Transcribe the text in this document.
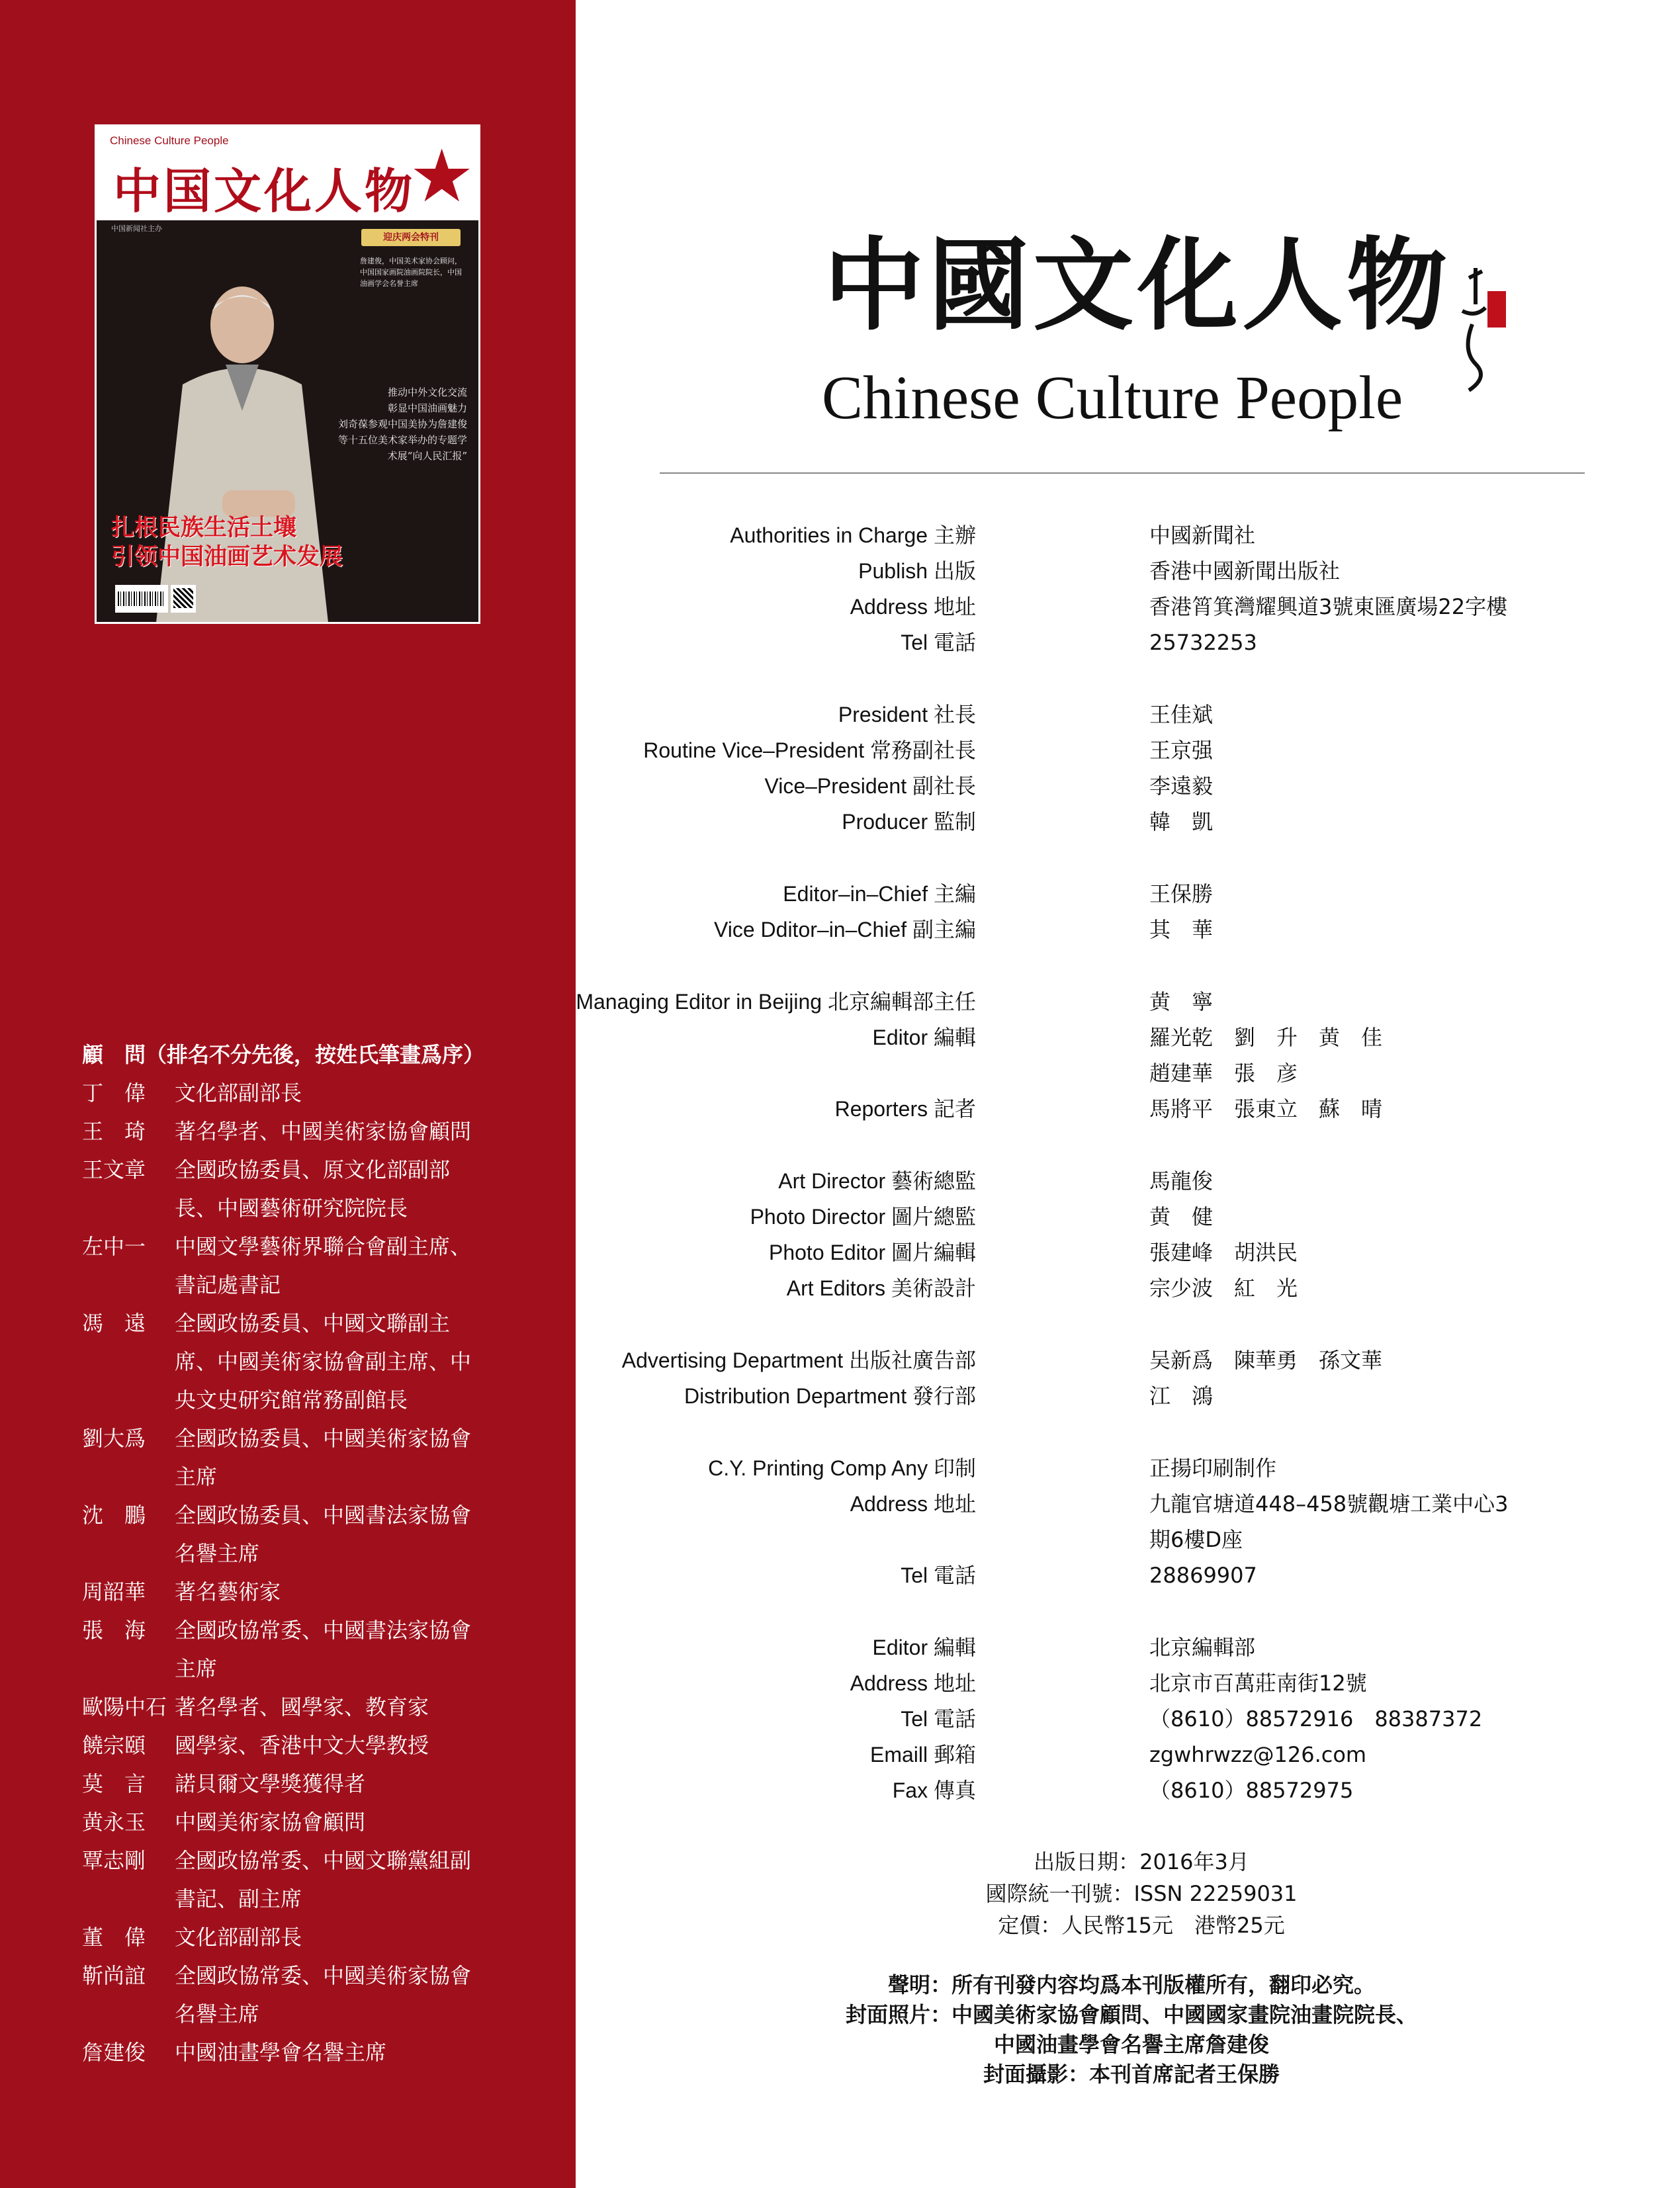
Chinese Culture People
中国文化人物
★
中国新闻社主办
迎庆两会特刊
詹建俊，中国美术家协会顾问，中国国家画院油画院院长，中国油画学会名誉主席
推动中外文化交流
彰显中国油画魅力
刘奇葆参观中国美协为詹建俊
等十五位美术家举办的专题学
术展“向人民汇报”
扎根民族生活土壤
引领中国油画艺术发展
顧　問（排名不分先後，按姓氏筆畫爲序）
丁　偉	文化部副部長
王　琦	著名學者、中國美術家協會顧問
王文章	全國政協委員、原文化部副部
長、中國藝術研究院院長
左中一	中國文學藝術界聯合會副主席、
書記處書記
馮　遠	全國政協委員、中國文聯副主
席、中國美術家協會副主席、中
央文史研究館常務副館長
劉大爲	全國政協委員、中國美術家協會
主席
沈　鵬	全國政協委員、中國書法家協會
名譽主席
周韶華	著名藝術家
張　海	全國政協常委、中國書法家協會
主席
歐陽中石 著名學者、國學家、教育家
饒宗頤	國學家、香港中文大學教授
莫　言	諾貝爾文學獎獲得者
黄永玉	中國美術家協會顧問
覃志剛	全國政協常委、中國文聯黨組副
書記、副主席
董　偉	文化部副部長
靳尚誼	全國政協常委、中國美術家協會
名譽主席
詹建俊	中國油畫學會名譽主席
中國文化人物
Chinese Culture People
Authorities in Charge 主辦	中國新聞社
Publish 出版	香港中國新聞出版社
Address 地址	香港筲箕灣耀興道3號東匯廣場22字樓
Tel 電話	25732253
President 社長	王佳斌
Routine Vice–President 常務副社長	王京强
Vice–President 副社長	李遠毅
Producer 監制	韓　凱
Editor–in–Chief 主編	王保勝
Vice Dditor–in–Chief 副主編	其　華
Managing Editor in Beijing 北京編輯部主任	黄　寧
Editor 編輯	羅光乾　劉　升　黄　佳
趙建華　張　彦
Reporters 記者	馬將平　張東立　蘇　晴
Art Director 藝術總監	馬龍俊
Photo Director 圖片總監	黄　健
Photo Editor 圖片編輯	張建峰　胡洪民
Art Editors 美術設計	宗少波　紅　光
Advertising Department 出版社廣告部	吴新爲　陳華勇　孫文華
Distribution Department 發行部	江　鴻
C.Y. Printing Comp Any 印制	正揚印刷制作
Address 地址	九龍官塘道448–458號觀塘工業中心3
期6樓D座
Tel 電話	28869907
Editor 編輯	北京編輯部
Address 地址	北京市百萬莊南街12號
Tel 電話	（8610）88572916　88387372
Emaill 郵箱	zgwhrwzz@126.com
Fax 傳真	（8610）88572975
出版日期：2016年3月
國際統一刊號：ISSN 22259031
定價：人民幣15元　港幣25元
聲明：所有刊發内容均爲本刊版權所有，翻印必究。
封面照片：中國美術家協會顧問、中國國家畫院油畫院院長、
中國油畫學會名譽主席詹建俊
封面攝影：本刊首席記者王保勝
